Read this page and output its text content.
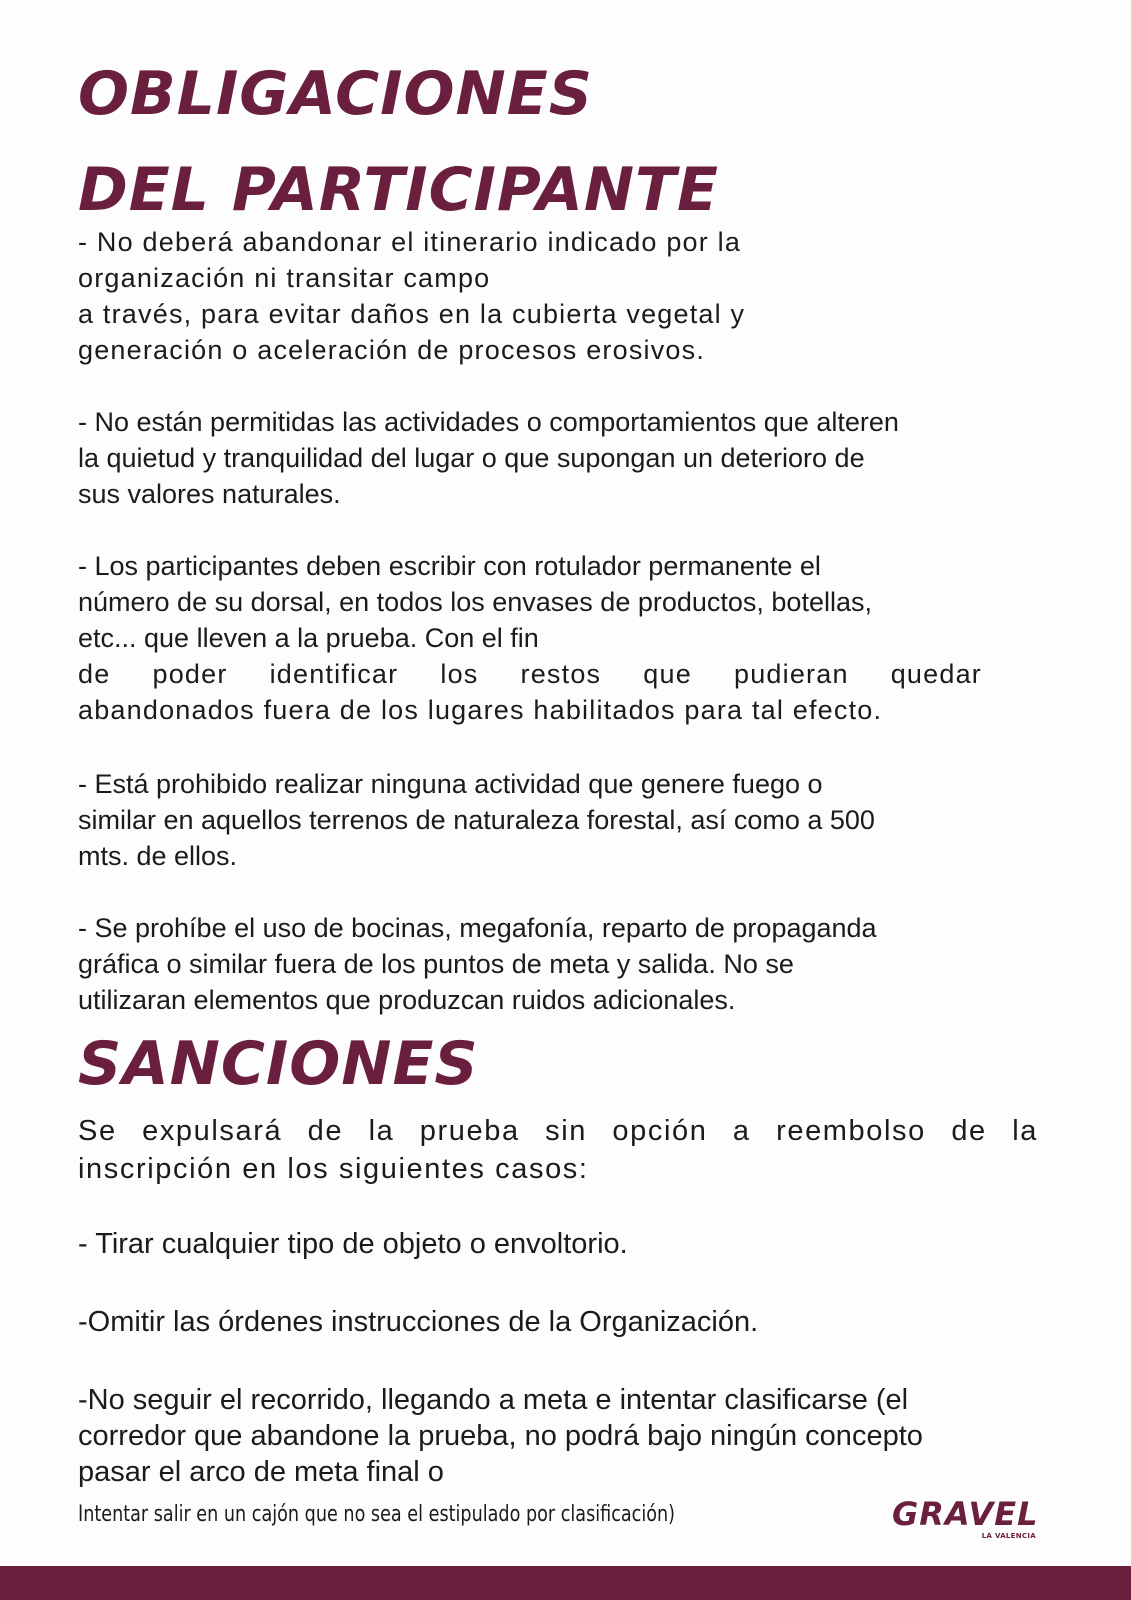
OBLIGACIONES
DEL PARTICIPANTE

- No deberá abandonar el itinerario indicado por la
organización ni transitar campo
a través, para evitar daños en la cubierta vegetal y
generación o aceleración de procesos erosivos.

- No están permitidas las actividades o comportamientos que alteren
la quietud y tranquilidad del lugar o que supongan un deterioro de
sus valores naturales.

- Los participantes deben escribir con rotulador permanente el
número de su dorsal, en todos los envases de productos, botellas,
etc... que lleven a la prueba. Con el fin
de poder identificar los restos que pudieran quedar
abandonados fuera de los lugares habilitados para tal efecto.

- Está prohibido realizar ninguna actividad que genere fuego o
similar en aquellos terrenos de naturaleza forestal, así como a 500
mts. de ellos.

- Se prohíbe el uso de bocinas, megafonía, reparto de propaganda
gráfica o similar fuera de los puntos de meta y salida. No se
utilizaran elementos que produzcan ruidos adicionales.

SANCIONES

Se expulsará de la prueba sin opción a reembolso de la inscripción en los siguientes casos:

- Tirar cualquier tipo de objeto o envoltorio.

-Omitir las órdenes instrucciones de la Organización.

-No seguir el recorrido, llegando a meta e intentar clasificarse (el
corredor que abandone la prueba, no podrá bajo ningún concepto
pasar el arco de meta final o

Intentar salir en un cajón que no sea el estipulado por clasificación)	GRAVEL
LA VALENCIA
